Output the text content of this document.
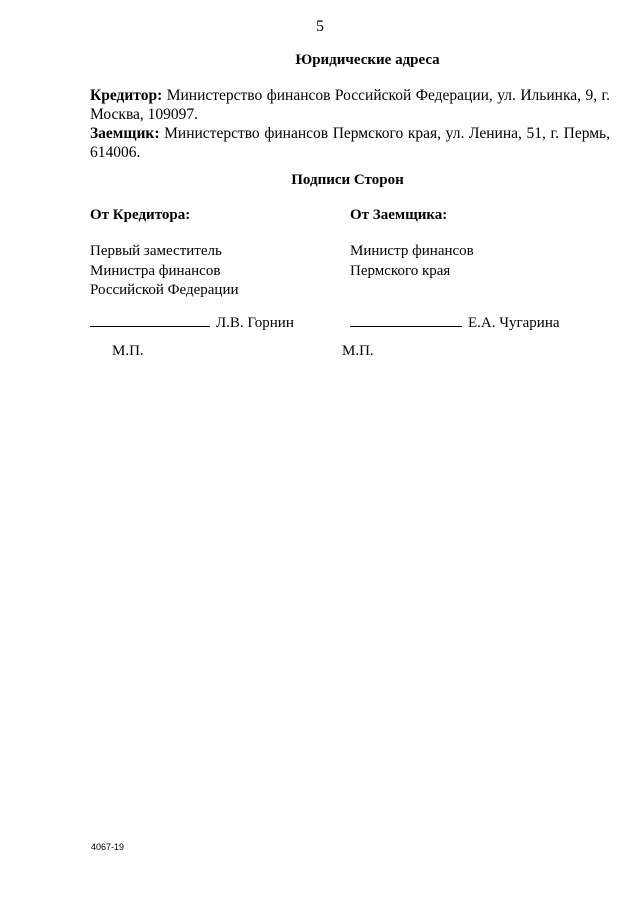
5
Юридические адреса

Кредитор: Министерство финансов Российской Федерации, ул. Ильинка, 9, г. Москва, 109097.

Заемщик: Министерство финансов Пермского края, ул. Ленина, 51, г. Пермь, 614006.

Подписи Сторон
От Кредитора:
Первый заместитель
Министра финансов
Российской Федерации
Л.В. Горнин
М.П.
От Заемщика:
Министр финансов
Пермского края
Е.А. Чугарина
М.П.
4067-19
